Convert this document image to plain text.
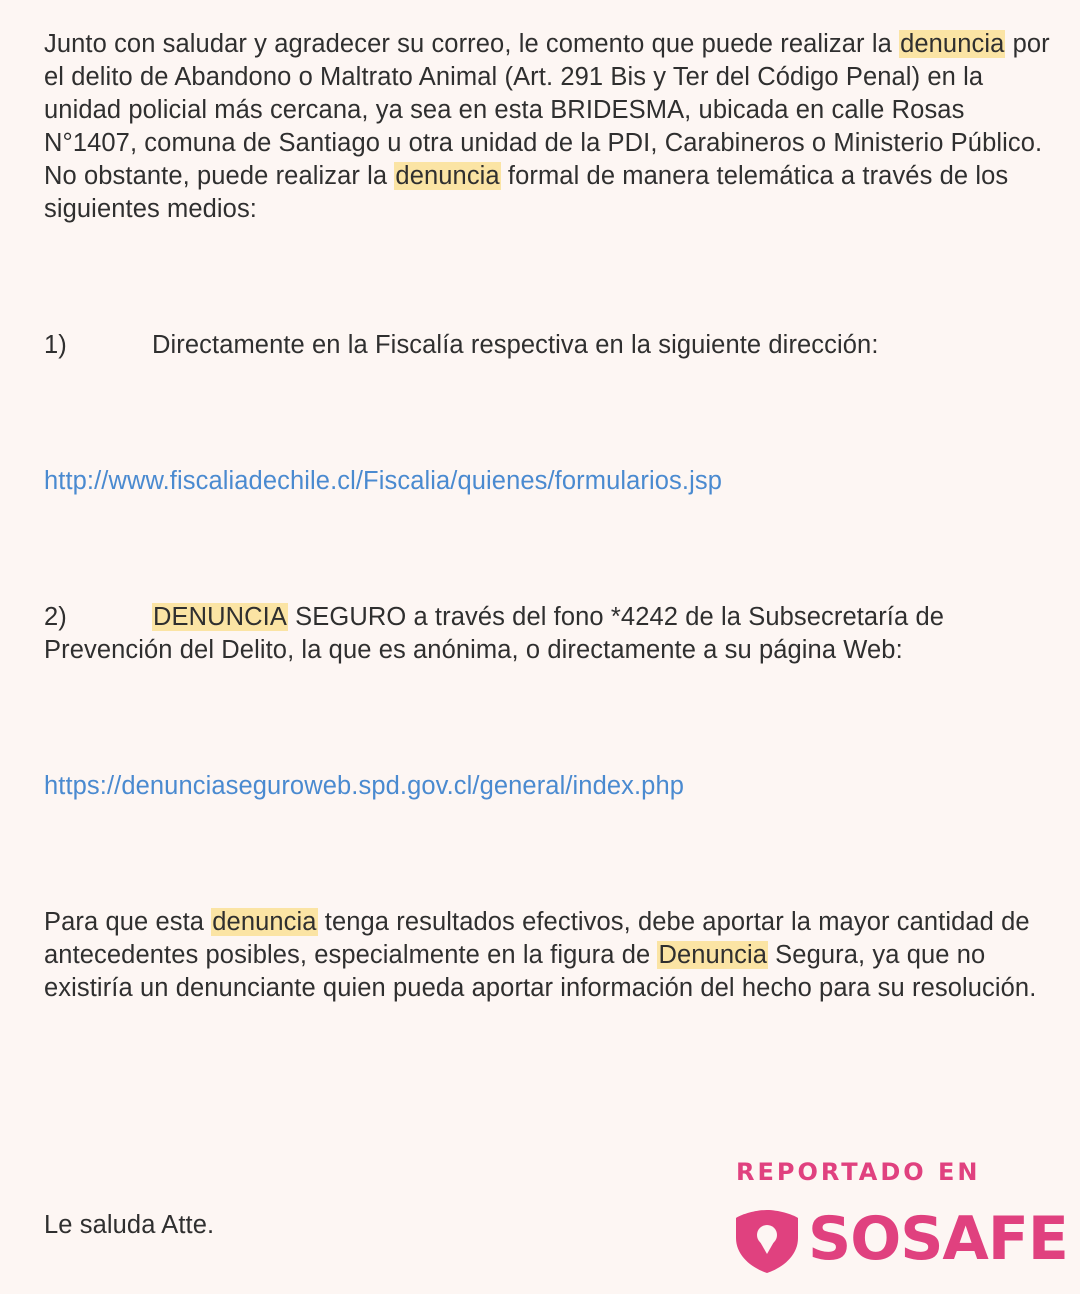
Junto con saludar y agradecer su correo, le comento que puede realizar la denuncia por el delito de Abandono o Maltrato Animal (Art. 291 Bis y Ter del Código Penal) en la unidad policial más cercana, ya sea en esta BRIDESMA, ubicada en calle Rosas N°1407, comuna de Santiago u otra unidad de la PDI, Carabineros o Ministerio Público. No obstante, puede realizar la denuncia formal de manera telemática a través de los siguientes medios:
1)	Directamente en la Fiscalía respectiva en la siguiente dirección:
http://www.fiscaliadechile.cl/Fiscalia/quienes/formularios.jsp
2)	DENUNCIA SEGURO a través del fono *4242 de la Subsecretaría de Prevención del Delito, la que es anónima, o directamente a su página Web:
https://denunciaseguroweb.spd.gov.cl/general/index.php
Para que esta denuncia tenga resultados efectivos, debe aportar la mayor cantidad de antecedentes posibles, especialmente en la figura de Denuncia Segura, ya que no existiría un denunciante quien pueda aportar información del hecho para su resolución.
Le saluda Atte.
REPORTADO EN
SOSAFE
